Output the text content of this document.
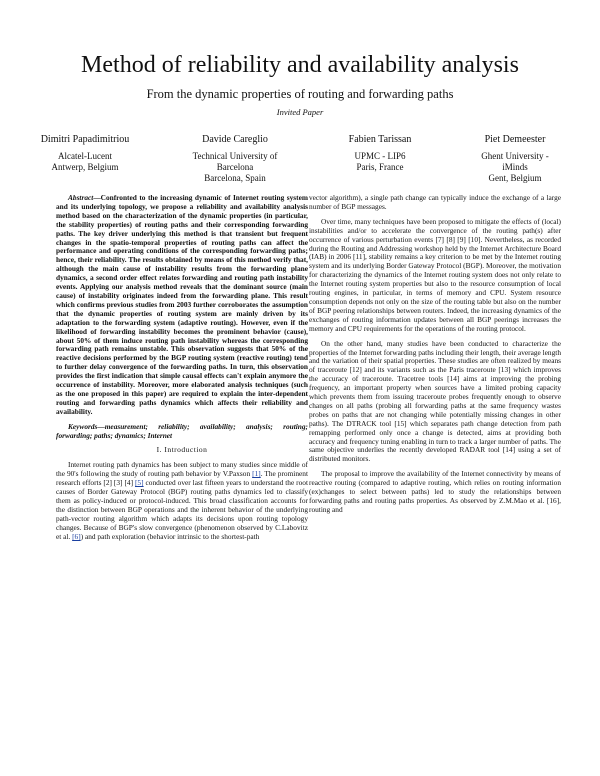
Method of reliability and availability analysis
From the dynamic properties of routing and forwarding paths
Invited Paper
Dimitri Papadimitriou
Alcatel-Lucent
Antwerp, Belgium
Davide Careglio
Technical University of
Barcelona
Barcelona, Spain
Fabien Tarissan
UPMC - LIP6
Paris, France
Piet Demeester
Ghent University -
iMinds
Gent, Belgium

Abstract—Confronted to the increasing dynamic of Internet routing system and its underlying topology, we propose a reliability and availability analysis method based on the characterization of the dynamic properties (in particular, the stability properties) of routing paths and their corresponding forwarding paths. The key driver underlying this method is that transient but frequent changes in the spatio-temporal properties of routing paths can affect the performance and operating conditions of the corresponding forwarding paths; hence, their reliability. The results obtained by means of this method verify that, although the main cause of instability results from the forwarding plane dynamics, a second order effect relates forwarding and routing path instability events. Applying our analysis method reveals that the dominant source (main cause) of instability originates indeed from the forwarding plane. This result which confirms previous studies from 2003 further corroborates the assumption that the dynamic properties of routing system are mainly driven by its adaptation to the forwarding system (adaptive routing). However, even if the likelihood of forwarding instability becomes the prominent behavior (cause), about 50% of them induce routing path instability whereas the corresponding forwarding path remains unstable. This observation suggests that 50% of the reactive decisions performed by the BGP routing system (reactive routing) tend to further delay convergence of the forwarding paths. In turn, this observation provides the first indication that simple causal effects can't explain anymore the occurrence of instability. Moreover, more elaborated analysis techniques (such as the one proposed in this paper) are required to explain the inter-dependent routing and forwarding paths dynamics which affects their reliability and availability.

Keywords—measurement; reliability; availability; analysis; routing; forwarding; paths; dynamics; Internet

I. Introduction

Internet routing path dynamics has been subject to many studies since middle of the 90's following the study of routing path behavior by V.Paxson [1]. The prominent research efforts [2] [3] [4] [5] conducted over last fifteen years to understand the root causes of Border Gateway Protocol (BGP) routing paths dynamics led to classify them as policy-induced or protocol-induced. This broad classification accounts for the distinction between BGP operations and the inherent behavior of the underlying path-vector routing algorithm which adapts its decisions upon routing topology changes. Because of BGP's slow convergence (phenomenon observed by C.Labovitz et al. [6]) and path exploration (behavior intrinsic to the shortest-path

vector algorithm), a single path change can typically induce the exchange of a large number of BGP messages.

Over time, many techniques have been proposed to mitigate the effects of (local) instabilities and/or to accelerate the convergence of the routing path(s) after occurrence of various perturbation events [7] [8] [9] [10]. Nevertheless, as recorded during the Routing and Addressing workshop held by the Internet Architecture Board (IAB) in 2006 [11], stability remains a key criterion to be met by the Internet routing system and its underlying Border Gateway Protocol (BGP). Moreover, the motivation for characterizing the dynamics of the Internet routing system does not only relate to the Internet routing system properties but also to the resource consumption of local routing engines, in particular, in terms of memory and CPU. System resource consumption depends not only on the size of the routing table but also on the number of BGP peering relationships between routers. Indeed, the increasing dynamics of the exchanges of routing information updates between all BGP peerings increases the memory and CPU requirements for the operations of the routing protocol.

On the other hand, many studies have been conducted to characterize the properties of the Internet forwarding paths including their length, their average length and the variation of their spatial properties. These studies are often realized by means of traceroute [12] and its variants such as the Paris traceroute [13] which improves the accuracy of traceroute. Tracetree tools [14] aims at improving the probing frequency, an important property when sources have a limited probing capacity which prevents them from issuing traceroute probes frequently enough to observe changes on all paths (probing all forwarding paths at the same frequency wastes probes on paths that are not changing while potentially missing changes in other paths). The DTRACK tool [15] which separates path change detection from path remapping performed only once a change is detected, aims at providing both accuracy and frequency tuning enabling in turn to track a larger number of paths. The same objective underlies the recently developed RADAR tool [14] using a set of distributed monitors.

The proposal to improve the availability of the Internet connectivity by means of reactive routing (compared to adaptive routing, which relies on routing information (ex)changes to select between paths) led to study the relationships between forwarding paths and routing paths properties. As observed by Z.M.Mao et al. [16], routing and
